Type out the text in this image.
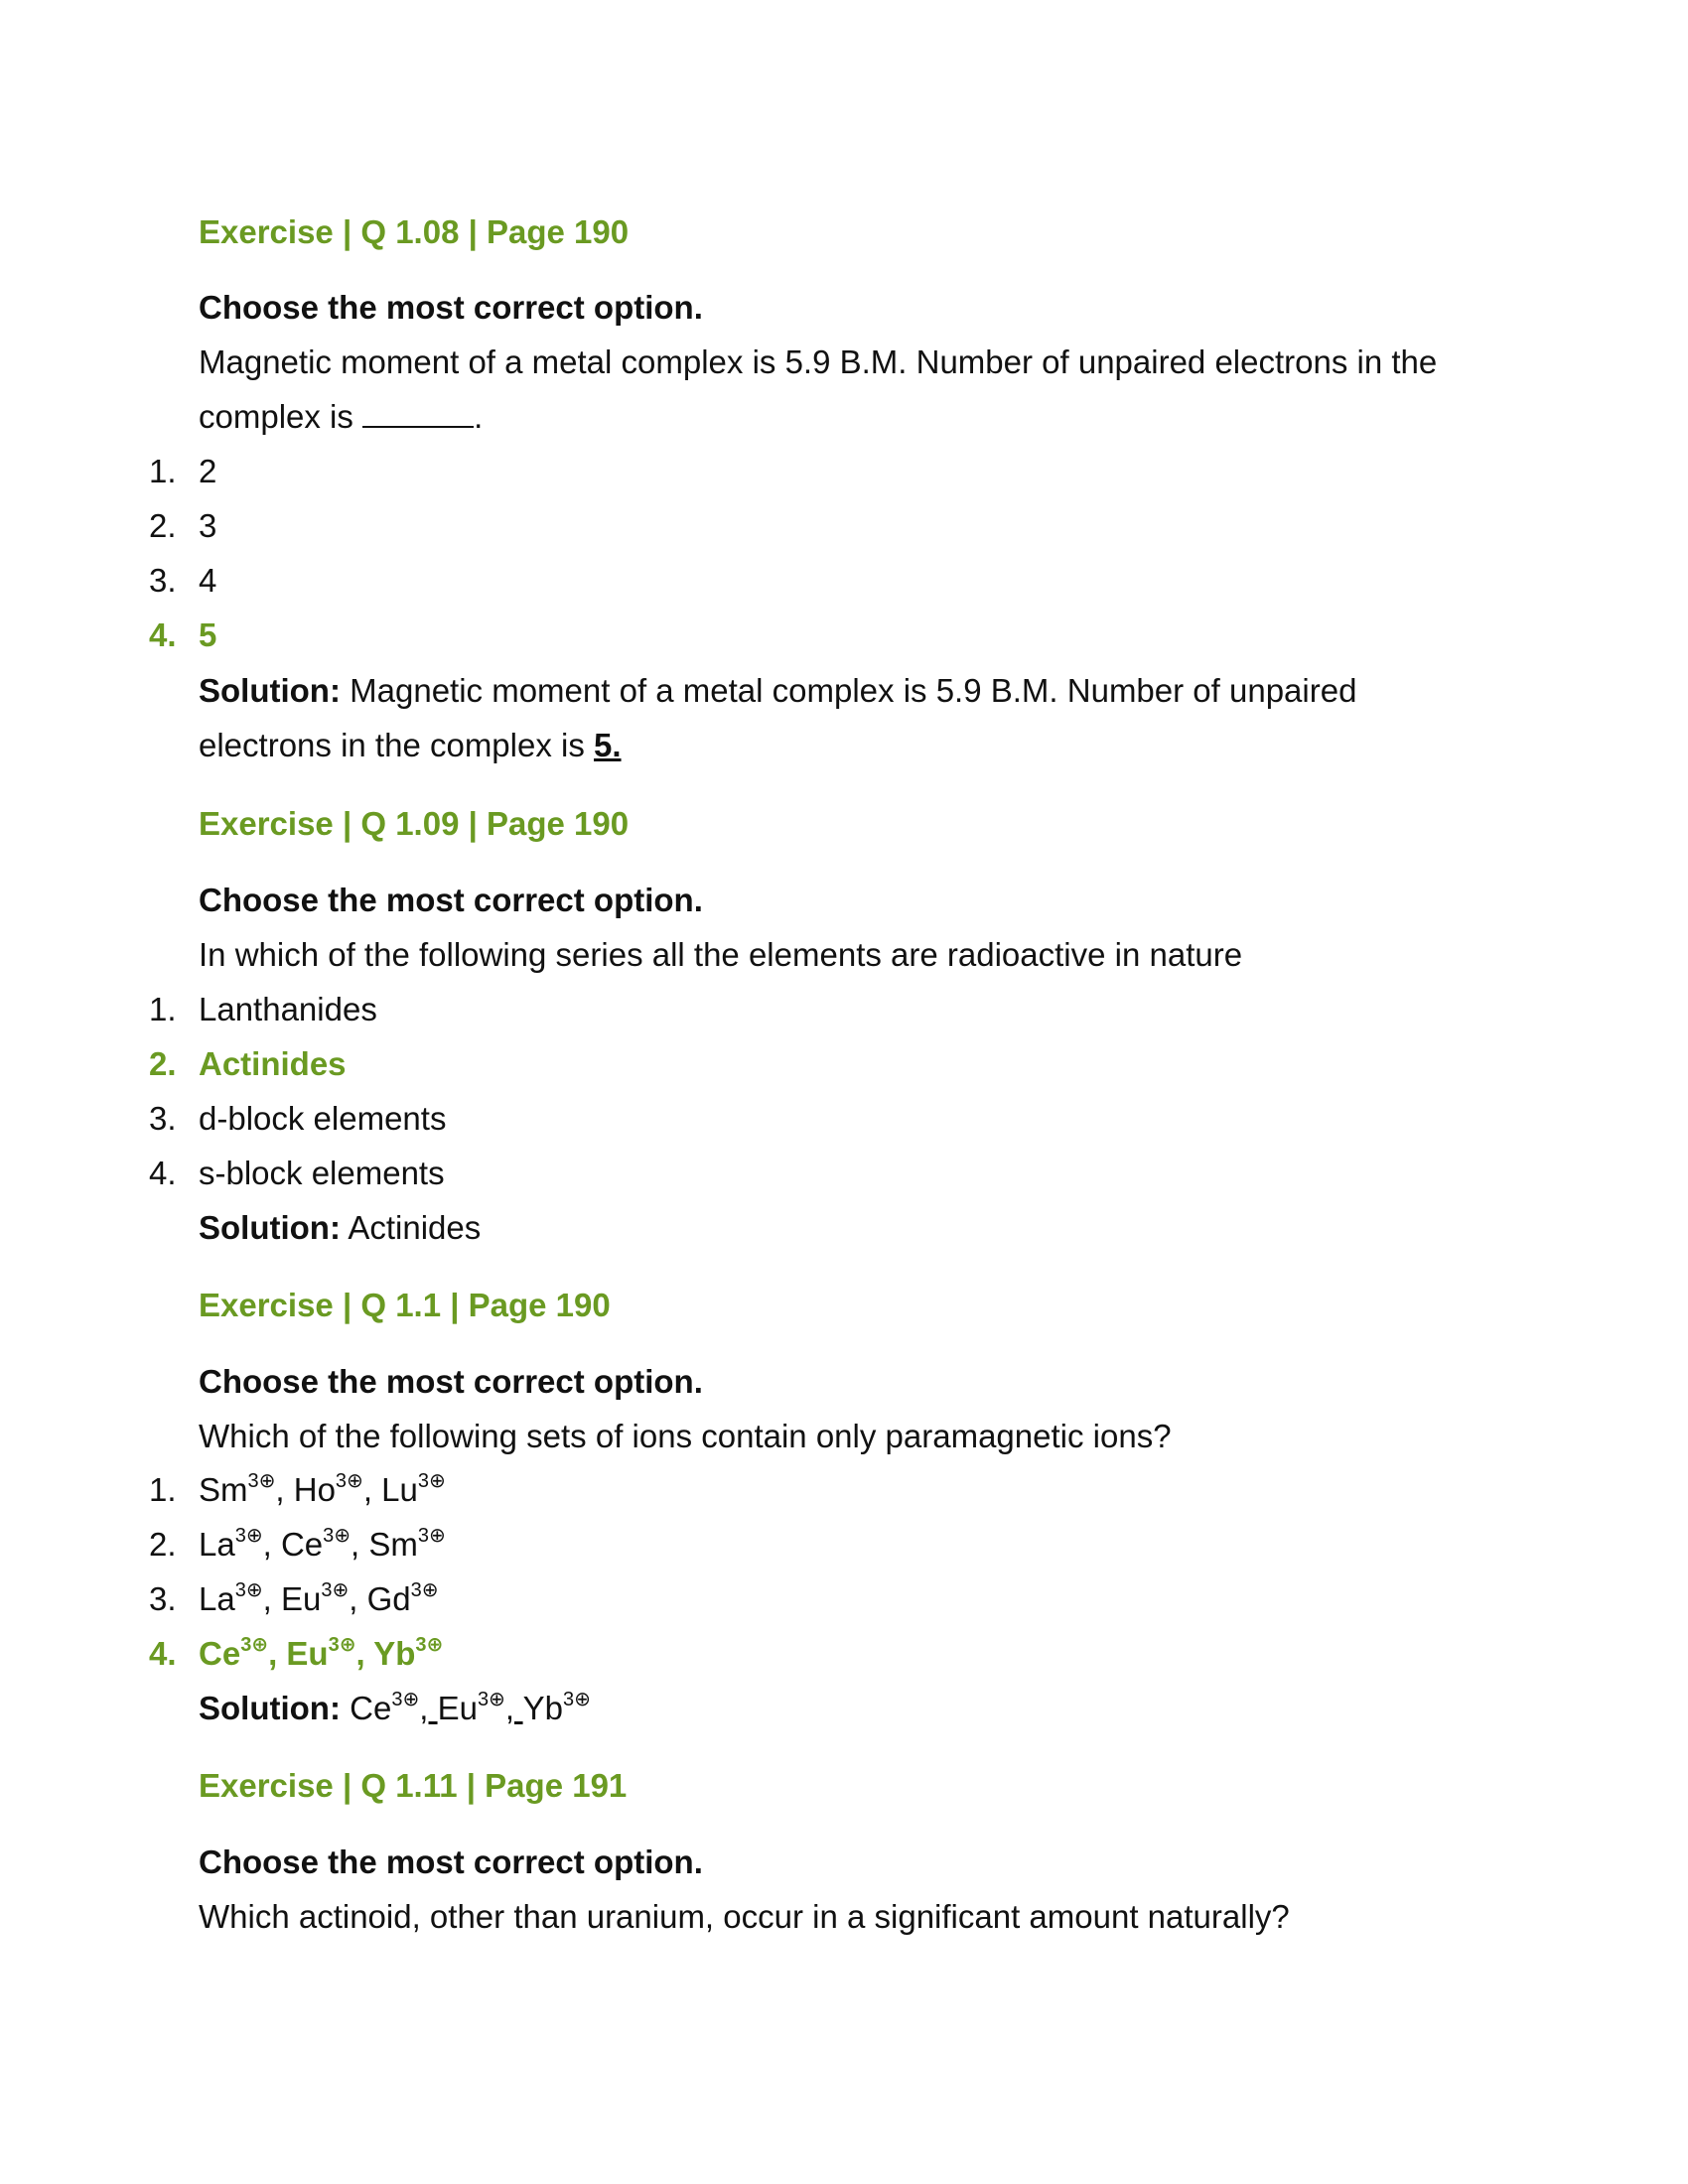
Exercise | Q 1.08 | Page 190
Choose the most correct option.
Magnetic moment of a metal complex is 5.9 B.M. Number of unpaired electrons in the
complex is	.
1. 2
2. 3
3. 4
4. 5
Solution: Magnetic moment of a metal complex is 5.9 B.M. Number of unpaired
electrons in the complex is 5.
Exercise | Q 1.09 | Page 190
Choose the most correct option.
In which of the following series all the elements are radioactive in nature
1. Lanthanides
2. Actinides
3. d-block elements
4. s-block elements
Solution: Actinides
Exercise | Q 1.1 | Page 190
Choose the most correct option.
Which of the following sets of ions contain only paramagnetic ions?
1. $Sm^{3\oplus}$, $Ho^{3\oplus}$, $Lu^{3\oplus}$
2. $La^{3\oplus}$, $Ce^{3\oplus}$, $Sm^{3\oplus}$
3. $La^{3\oplus}$, $Eu^{3\oplus}$, $Gd^{3\oplus}$
4. $Ce^{3\oplus}$, $Eu^{3\oplus}$, $Yb^{3\oplus}$
Solution: $Ce^{3\oplus}$, $Eu^{3\oplus}$, $Yb^{3\oplus}$
Exercise | Q 1.11 | Page 191
Choose the most correct option.
Which actinoid, other than uranium, occur in a significant amount naturally?
